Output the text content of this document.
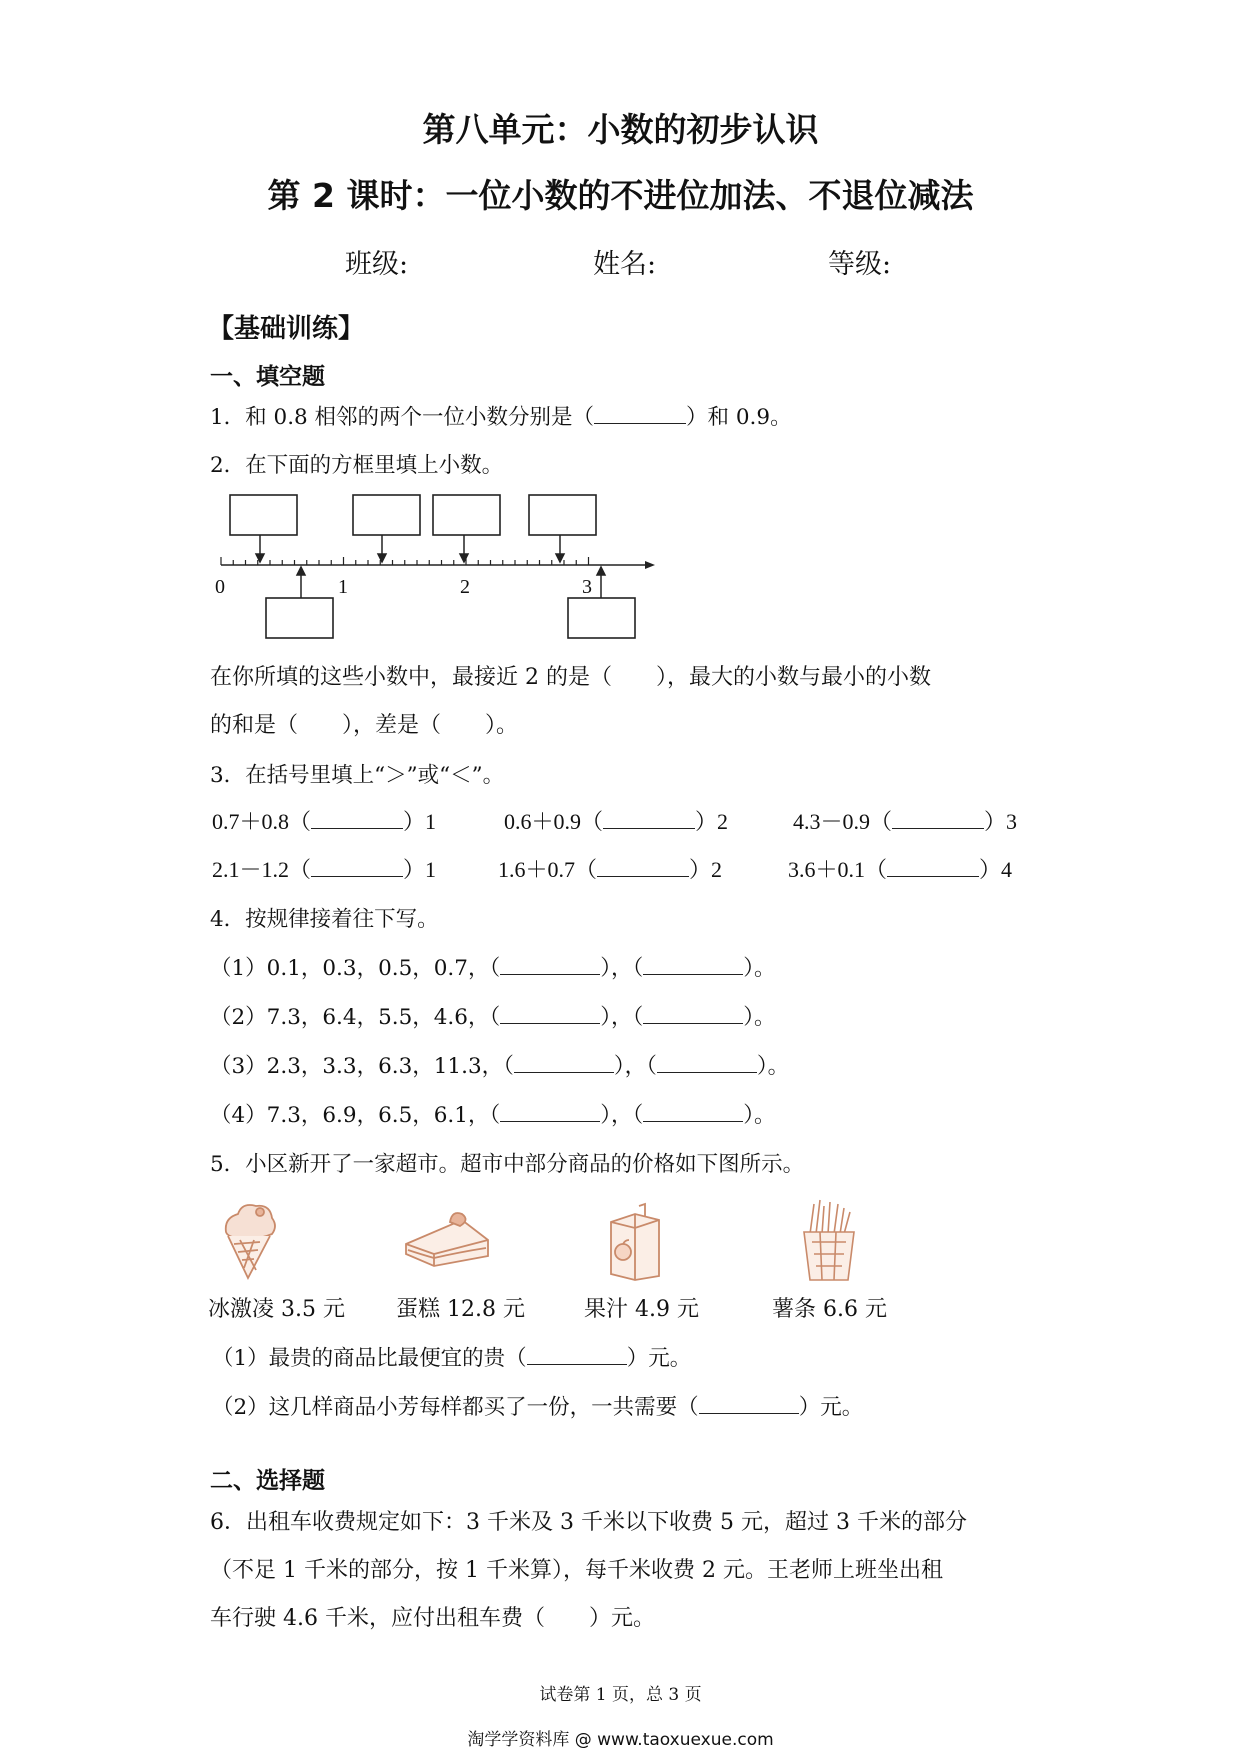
第八单元：小数的初步认识
第 2 课时：一位小数的不进位加法、不退位减法
班级:	姓名:	等级:
【基础训练】
一、填空题
1．和 0.8 相邻的两个一位小数分别是（	）和 0.9。
2．在下面的方框里填上小数。
0	1	2	3
在你所填的这些小数中，最接近 2 的是（　　），最大的小数与最小的小数
的和是（　　），差是（　　）。
3．在括号里填上“＞”或“＜”。
0.7＋0.8（	）1	0.6＋0.9（	）2	4.3－0.9（	）3
2.1－1.2（	）1	1.6＋0.7（	）2	3.6＋0.1（	）4
4．按规律接着往下写。
（1）0.1，0.3，0.5，0.7，（	），（	）。
（2）7.3，6.4，5.5，4.6，（	），（	）。
（3）2.3，3.3，6.3，11.3，（	），（	）。
（4）7.3，6.9，6.5，6.1，（	），（	）。
5．小区新开了一家超市。超市中部分商品的价格如下图所示。
冰激凌 3.5 元 蛋糕 12.8 元	果汁 4.9 元	薯条 6.6 元
（1）最贵的商品比最便宜的贵（	）元。
（2）这几样商品小芳每样都买了一份，一共需要（	）元。
二、选择题
6．出租车收费规定如下：3 千米及 3 千米以下收费 5 元，超过 3 千米的部分
（不足 1 千米的部分，按 1 千米算），每千米收费 2 元。王老师上班坐出租
车行驶 4.6 千米，应付出租车费（　　）元。
试卷第 1 页，总 3 页
淘学学资料库 @ www.taoxuexue.com
